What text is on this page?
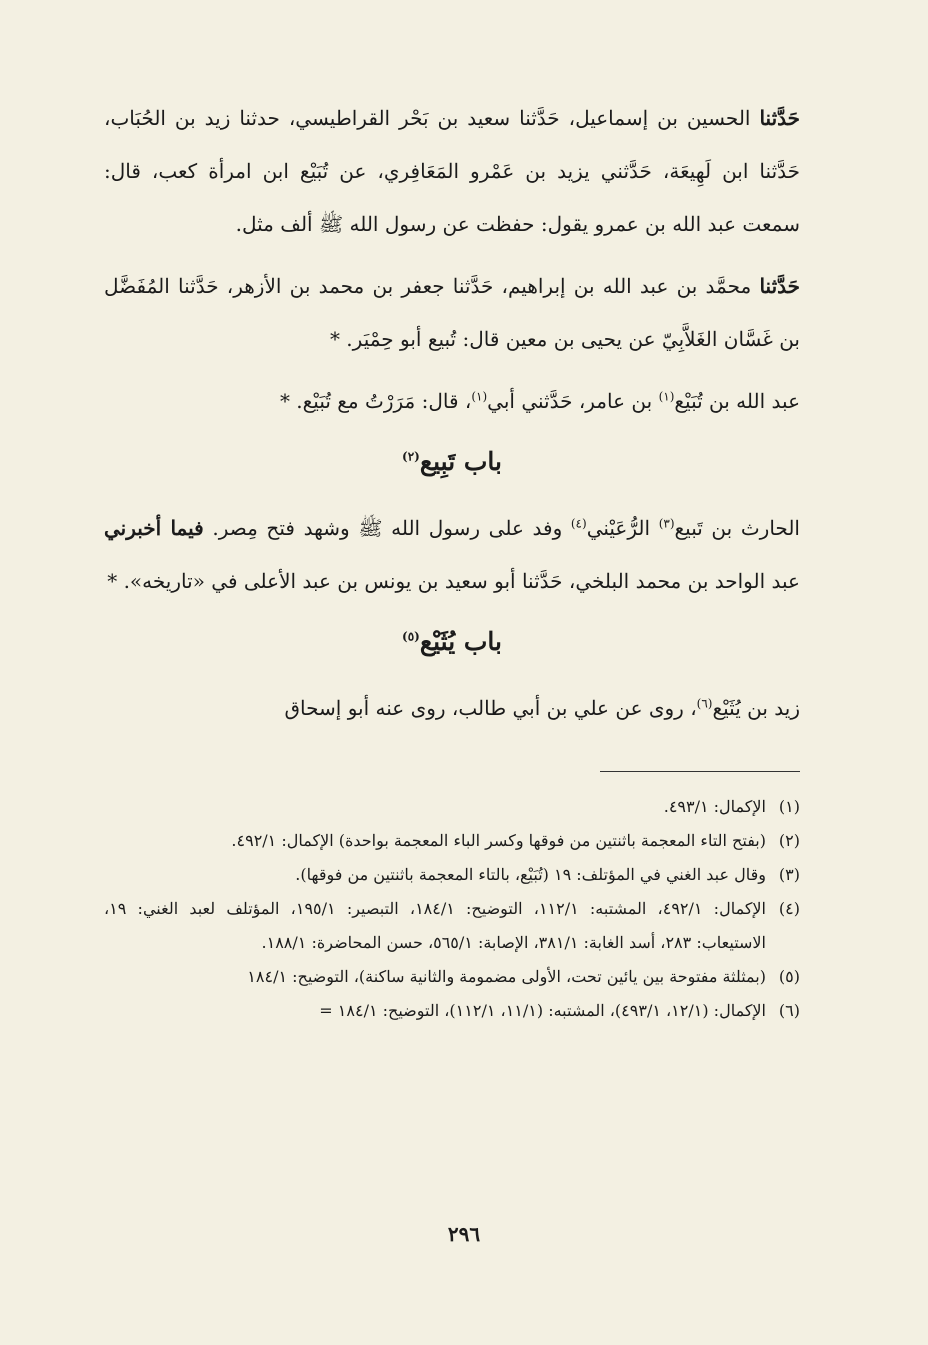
حَدَّثنا الحسين بن إسماعيل، حَدَّثنا سعيد بن بَحْر القراطيسي، حدثنا زيد بن الحُبَاب، حَدَّثنا ابن لَهِيعَة، حَدَّثني يزيد بن عَمْرو المَعَافِري، عن تُبَيْع ابن امرأة كعب، قال: سمعت عبد الله بن عمرو يقول: حفظت عن رسول الله ﷺ ألف مثل.

حَدَّثنا محمَّد بن عبد الله بن إبراهيم، حَدَّثنا جعفر بن محمد بن الأزهر، حَدَّثنا المُفَضَّل بن غَسَّان الغَلاَّبِيّ عن يحيى بن معين قال: تُبيع أبو حِمْيَر. *

عبد الله بن تُبَيْع$^{(١)}$ بن عامر، حَدَّثني أبي$^{(١)}$، قال: مَرَرْتُ مع تُبَيْع. *

باب تَبِيع$^{(٢)}$

الحارث بن تَبيع$^{(٣)}$ الرُّعَيْني$^{(٤)}$ وفد على رسول الله ﷺ وشهد فتح مِصر. فيما أخبرني عبد الواحد بن محمد البلخي، حَدَّثنا أبو سعيد بن يونس بن عبد الأعلى في «تاريخه». *

باب يُثَيْع$^{(٥)}$

زيد بن يُثَيْع$^{(٦)}$، روى عن علي بن أبي طالب، روى عنه أبو إسحاق

(١)
الإكمال: ٤٩٣/١.
(٢)
(بفتح التاء المعجمة باثنتين من فوقها وكسر الباء المعجمة بواحدة) الإكمال: ٤٩٢/١.
(٣)
وقال عبد الغني في المؤتلف: ١٩ (تُبَيْع، بالتاء المعجمة باثنتين من فوقها).
(٤)
الإكمال: ٤٩٢/١، المشتبه: ١١٢/١، التوضيح: ١٨٤/١، التبصير: ١٩٥/١، المؤتلف لعبد الغني: ١٩، الاستيعاب: ٢٨٣، أسد الغابة: ٣٨١/١، الإصابة: ٥٦٥/١، حسن المحاضرة: ١٨٨/١.
(٥)
(بمثلثة مفتوحة بين يائين تحت، الأولى مضمومة والثانية ساكنة)، التوضيح: ١٨٤/١
(٦)
الإكمال: (١٢/١، ٤٩٣/١)، المشتبه: (١١/١، ١١٢/١)، التوضيح: ١٨٤/١ =
٢٩٦
